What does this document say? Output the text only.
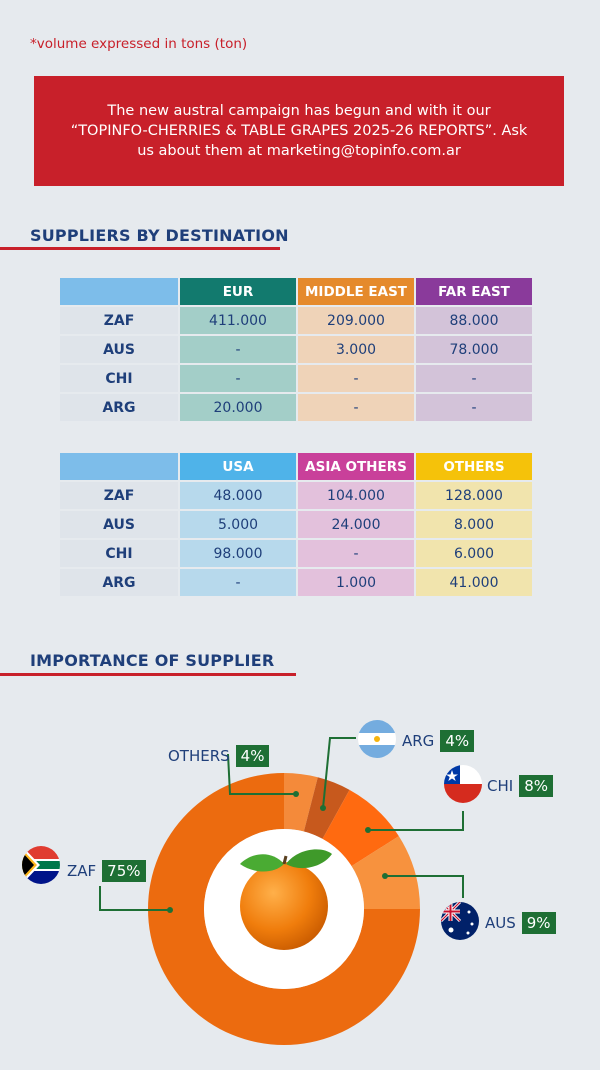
*volume expressed in tons (ton)
The new austral campaign has begun and with it our
“TOPINFO-CHERRIES & TABLE GRAPES 2025-26 REPORTS”. Ask
us about them at marketing@topinfo.com.ar
SUPPLIERS BY DESTINATION
	EUR	MIDDLE EAST	FAR EAST
ZAF	411.000	209.000	88.000
AUS	-	3.000	78.000
CHI	-	-	-
ARG	20.000	-	-
	USA	ASIA OTHERS	OTHERS
ZAF	48.000	104.000	128.000
AUS	5.000	24.000	8.000
CHI	98.000	-	6.000
ARG	-	1.000	41.000
IMPORTANCE OF SUPPLIER
OTHERS 4%
ARG 4%
CHI 8%
AUS 9%
ZAF 75%
